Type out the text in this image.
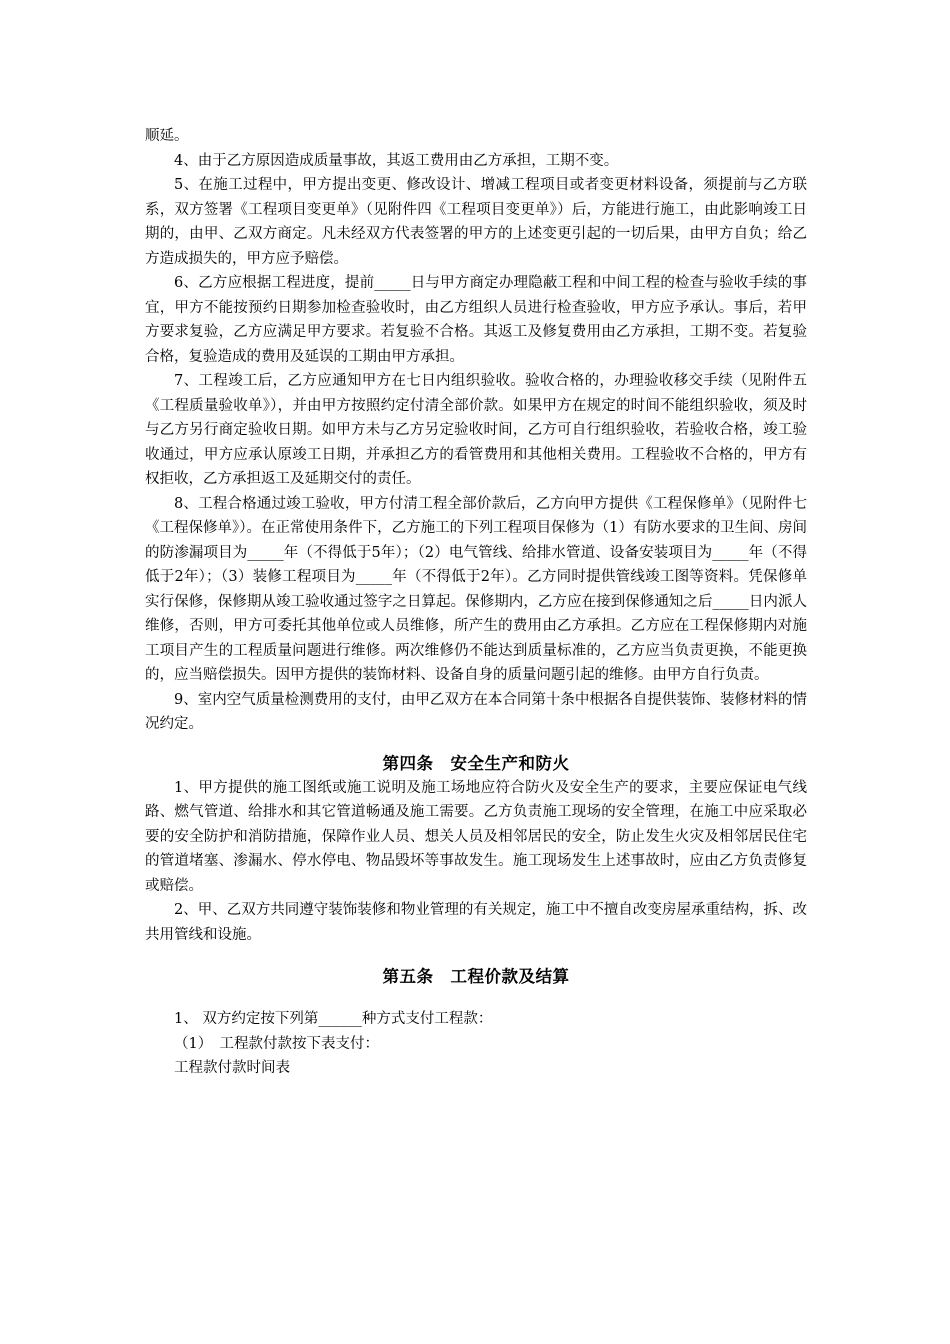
顺延。

4、由于乙方原因造成质量事故，其返工费用由乙方承担，工期不变。

5、在施工过程中，甲方提出变更、修改设计、增减工程项目或者变更材料设备，须提前与乙方联系，双方签署《工程项目变更单》（见附件四《工程项目变更单》）后，方能进行施工，由此影响竣工日期的，由甲、乙双方商定。凡未经双方代表签署的甲方的上述变更引起的一切后果，由甲方自负；给乙方造成损失的，甲方应予赔偿。

6、乙方应根据工程进度，提前_____日与甲方商定办理隐蔽工程和中间工程的检查与验收手续的事宜，甲方不能按预约日期参加检查验收时，由乙方组织人员进行检查验收，甲方应予承认。事后，若甲方要求复验，乙方应满足甲方要求。若复验不合格。其返工及修复费用由乙方承担，工期不变。若复验合格，复验造成的费用及延误的工期由甲方承担。

7、工程竣工后，乙方应通知甲方在七日内组织验收。验收合格的，办理验收移交手续（见附件五《工程质量验收单》），并由甲方按照约定付清全部价款。如果甲方在规定的时间不能组织验收，须及时与乙方另行商定验收日期。如甲方未与乙方另定验收时间，乙方可自行组织验收，若验收合格，竣工验收通过，甲方应承认原竣工日期，并承担乙方的看管费用和其他相关费用。工程验收不合格的，甲方有权拒收，乙方承担返工及延期交付的责任。

8、工程合格通过竣工验收，甲方付清工程全部价款后，乙方向甲方提供《工程保修单》（见附件七《工程保修单》）。在正常使用条件下，乙方施工的下列工程项目保修为（1）有防水要求的卫生间、房间的防渗漏项目为_____年（不得低于5年）；（2）电气管线、给排水管道、设备安装项目为_____年（不得低于2年）；（3）装修工程项目为_____年（不得低于2年）。乙方同时提供管线竣工图等资料。凭保修单实行保修，保修期从竣工验收通过签字之日算起。保修期内，乙方应在接到保修通知之后_____日内派人维修，否则，甲方可委托其他单位或人员维修，所产生的费用由乙方承担。乙方应在工程保修期内对施工项目产生的工程质量问题进行维修。两次维修仍不能达到质量标准的，乙方应当负责更换，不能更换的，应当赔偿损失。因甲方提供的装饰材料、设备自身的质量问题引起的维修。由甲方自行负责。

9、室内空气质量检测费用的支付，由甲乙双方在本合同第十条中根据各自提供装饰、装修材料的情况约定。

第四条　安全生产和防火

1、甲方提供的施工图纸或施工说明及施工场地应符合防火及安全生产的要求，主要应保证电气线路、燃气管道、给排水和其它管道畅通及施工需要。乙方负责施工现场的安全管理，在施工中应采取必要的安全防护和消防措施，保障作业人员、想关人员及相邻居民的安全，防止发生火灾及相邻居民住宅的管道堵塞、渗漏水、停水停电、物品毁坏等事故发生。施工现场发生上述事故时，应由乙方负责修复或赔偿。

2、甲、乙双方共同遵守装饰装修和物业管理的有关规定，施工中不擅自改变房屋承重结构，拆、改共用管线和设施。

第五条　工程价款及结算

1、 双方约定按下列第______种方式支付工程款：

（1）　工程款付款按下表支付：

工程款付款时间表
